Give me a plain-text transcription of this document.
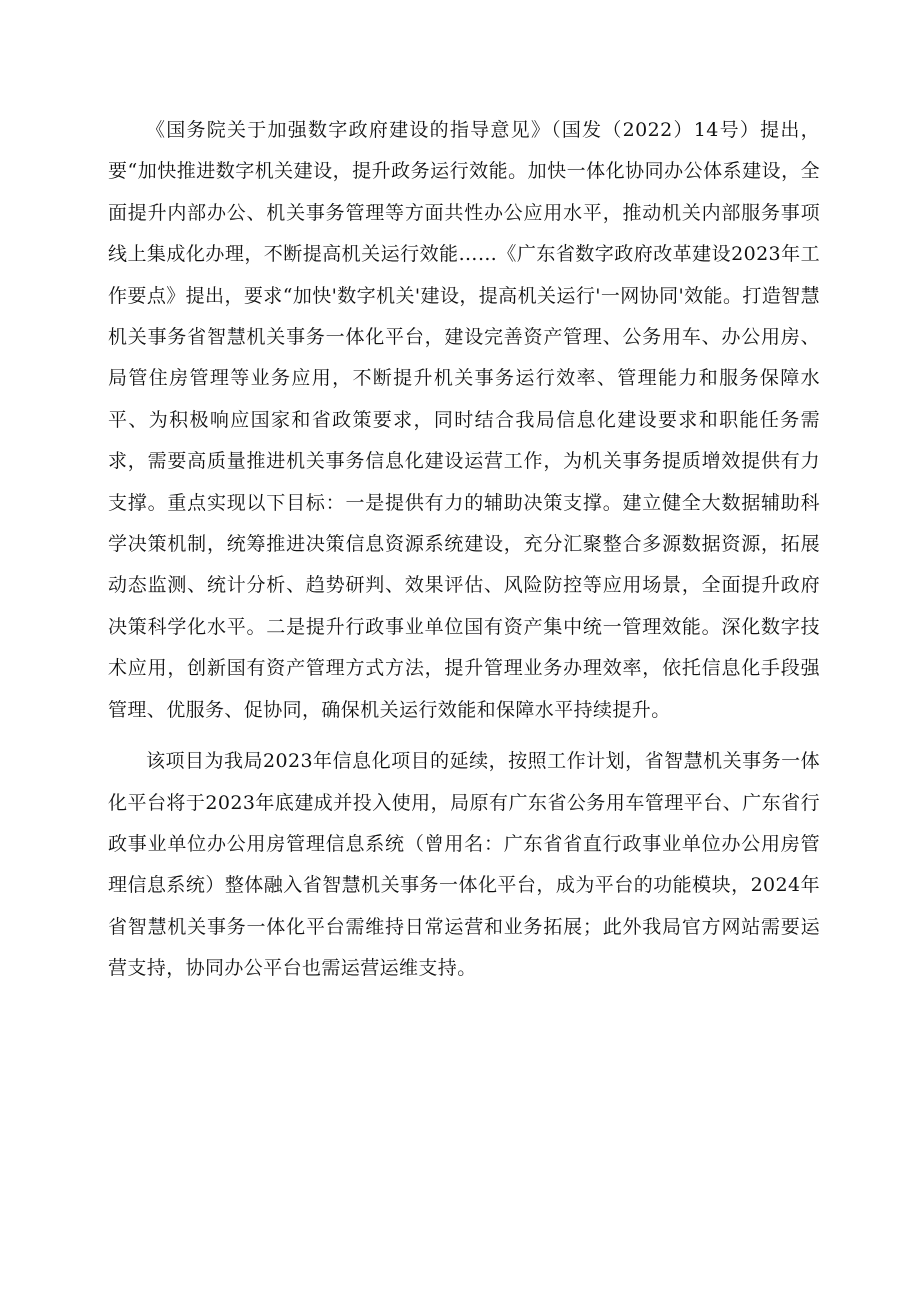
《国务院关于加强数字政府建设的指导意见》（国发（2022）14号）提出，要“加快推进数字机关建设，提升政务运行效能。加快一体化协同办公体系建设，全面提升内部办公、机关事务管理等方面共性办公应用水平，推动机关内部服务事项线上集成化办理，不断提高机关运行效能……《广东省数字政府改革建设2023年工作要点》提出，要求“加快'数字机关'建设，提高机关运行'一网协同'效能。打造智慧机关事务省智慧机关事务一体化平台，建设完善资产管理、公务用车、办公用房、局管住房管理等业务应用，不断提升机关事务运行效率、管理能力和服务保障水平、为积极响应国家和省政策要求，同时结合我局信息化建设要求和职能任务需求，需要高质量推进机关事务信息化建设运营工作，为机关事务提质增效提供有力支撑。重点实现以下目标：一是提供有力的辅助决策支撑。建立健全大数据辅助科学决策机制，统筹推进决策信息资源系统建设，充分汇聚整合多源数据资源，拓展动态监测、统计分析、趋势研判、效果评估、风险防控等应用场景，全面提升政府决策科学化水平。二是提升行政事业单位国有资产集中统一管理效能。深化数字技术应用，创新国有资产管理方式方法，提升管理业务办理效率，依托信息化手段强管理、优服务、促协同，确保机关运行效能和保障水平持续提升。

该项目为我局2023年信息化项目的延续，按照工作计划，省智慧机关事务一体化平台将于2023年底建成并投入使用，局原有广东省公务用车管理平台、广东省行政事业单位办公用房管理信息系统（曾用名：广东省省直行政事业单位办公用房管理信息系统）整体融入省智慧机关事务一体化平台，成为平台的功能模块，2024年省智慧机关事务一体化平台需维持日常运营和业务拓展；此外我局官方网站需要运营支持，协同办公平台也需运营运维支持。
